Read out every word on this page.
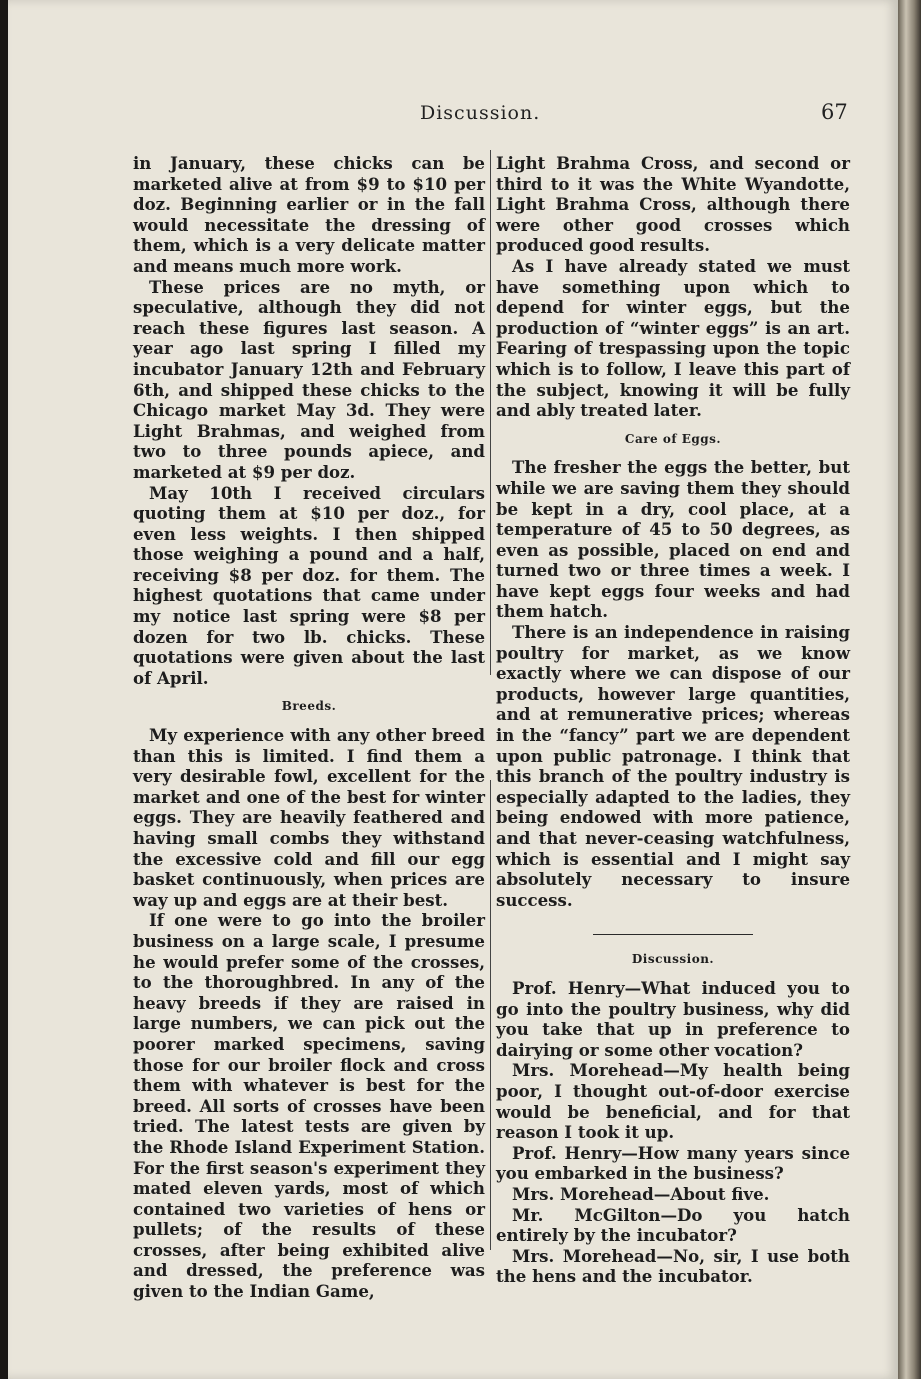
Discussion.	67

in January, these chicks can be marketed alive at from $9 to $10 per doz. Beginning earlier or in the fall would necessitate the dressing of them, which is a very delicate matter and means much more work.

These prices are no myth, or speculative, although they did not reach these figures last season. A year ago last spring I filled my incubator January 12th and February 6th, and shipped these chicks to the Chicago market May 3d. They were Light Brahmas, and weighed from two to three pounds apiece, and marketed at $9 per doz.

May 10th I received circulars quoting them at $10 per doz., for even less weights. I then shipped those weighing a pound and a half, receiving $8 per doz. for them. The highest quotations that came under my notice last spring were $8 per dozen for two lb. chicks. These quotations were given about the last of April.

Breeds.

My experience with any other breed than this is limited. I find them a very desirable fowl, excellent for the market and one of the best for winter eggs. They are heavily feathered and having small combs they withstand the excessive cold and fill our egg basket continuously, when prices are way up and eggs are at their best.

If one were to go into the broiler business on a large scale, I presume he would prefer some of the crosses, to the thoroughbred. In any of the heavy breeds if they are raised in large numbers, we can pick out the poorer marked specimens, saving those for our broiler flock and cross them with whatever is best for the breed. All sorts of crosses have been tried. The latest tests are given by the Rhode Island Experiment Station. For the first season's experiment they mated eleven yards, most of which contained two varieties of hens or pullets; of the results of these crosses, after being exhibited alive and dressed, the preference was given to the Indian Game,

Light Brahma Cross, and second or third to it was the White Wyandotte, Light Brahma Cross, although there were other good crosses which produced good results.

As I have already stated we must have something upon which to depend for winter eggs, but the production of “winter eggs” is an art. Fearing of trespassing upon the topic which is to follow, I leave this part of the subject, knowing it will be fully and ably treated later.

Care of Eggs.

The fresher the eggs the better, but while we are saving them they should be kept in a dry, cool place, at a temperature of 45 to 50 degrees, as even as possible, placed on end and turned two or three times a week. I have kept eggs four weeks and had them hatch.

There is an independence in raising poultry for market, as we know exactly where we can dispose of our products, however large quantities, and at remunerative prices; whereas in the “fancy” part we are dependent upon public patronage. I think that this branch of the poultry industry is especially adapted to the ladies, they being endowed with more patience, and that never-ceasing watchfulness, which is essential and I might say absolutely necessary to insure success.

Discussion.

Prof. Henry—What induced you to go into the poultry business, why did you take that up in preference to dairying or some other vocation?

Mrs. Morehead—My health being poor, I thought out-of-door exercise would be beneficial, and for that reason I took it up.

Prof. Henry—How many years since you embarked in the business?

Mrs. Morehead—About five.

Mr. McGilton—Do you hatch entirely by the incubator?

Mrs. Morehead—No, sir, I use both the hens and the incubator.
